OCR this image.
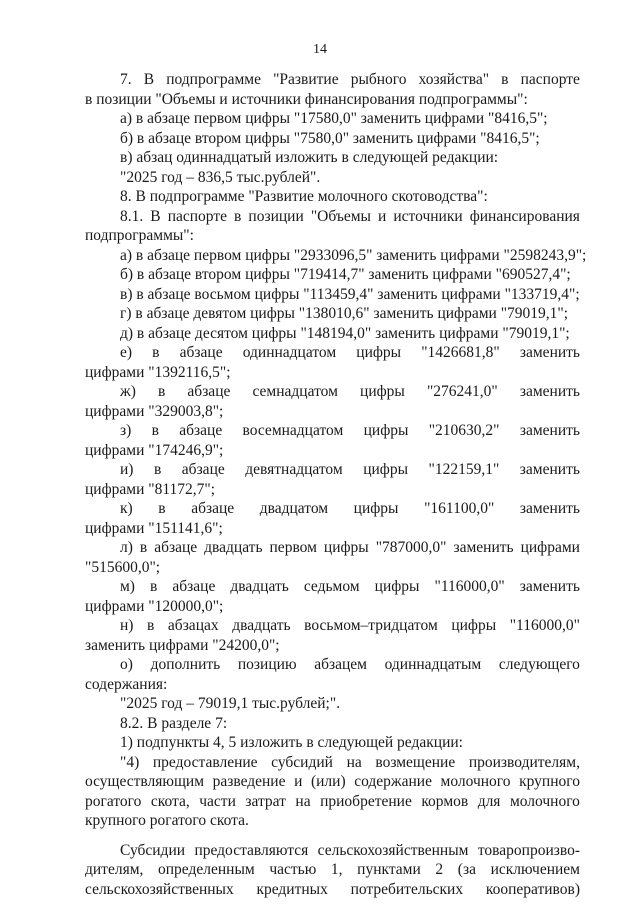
14
7. В подпрограмме "Развитие рыбного хозяйства" в паспорте
в позиции "Объемы и источники финансирования подпрограммы":
а) в абзаце первом цифры "17580,0" заменить цифрами "8416,5";
б) в абзаце втором цифры "7580,0" заменить цифрами "8416,5";
в) абзац одиннадцатый изложить в следующей редакции:
"2025 год – 836,5 тыс.рублей".
8. В подпрограмме "Развитие молочного скотоводства":
8.1. В паспорте в позиции "Объемы и источники финансирования
подпрограммы":
а) в абзаце первом цифры "2933096,5" заменить цифрами "2598243,9";
б) в абзаце втором цифры "719414,7" заменить цифрами "690527,4";
в) в абзаце восьмом цифры "113459,4" заменить цифрами "133719,4";
г) в абзаце девятом цифры "138010,6" заменить цифрами "79019,1";
д) в абзаце десятом цифры "148194,0" заменить цифрами "79019,1";
е) в абзаце одиннадцатом цифры "1426681,8" заменить
цифрами "1392116,5";
ж) в абзаце семнадцатом цифры "276241,0" заменить
цифрами "329003,8";
з) в абзаце восемнадцатом цифры "210630,2" заменить
цифрами "174246,9";
и) в абзаце девятнадцатом цифры "122159,1" заменить
цифрами "81172,7";
к) в абзаце двадцатом цифры "161100,0" заменить
цифрами "151141,6";
л) в абзаце двадцать первом цифры "787000,0" заменить цифрами
"515600,0";
м) в абзаце двадцать седьмом цифры "116000,0" заменить
цифрами "120000,0";
н) в абзацах двадцать восьмом–тридцатом цифры "116000,0"
заменить цифрами "24200,0";
о) дополнить позицию абзацем одиннадцатым следующего
содержания:
"2025 год – 79019,1 тыс.рублей;".
8.2. В разделе 7:
1) подпункты 4, 5 изложить в следующей редакции:
"4) предоставление субсидий на возмещение производителям,
осуществляющим разведение и (или) содержание молочного крупного
рогатого скота, части затрат на приобретение кормов для молочного
крупного рогатого скота.
Субсидии предоставляются сельскохозяйственным товаропроизво-
дителям, определенным частью 1, пунктами 2 (за исключением
сельскохозяйственных кредитных потребительских кооперативов)
